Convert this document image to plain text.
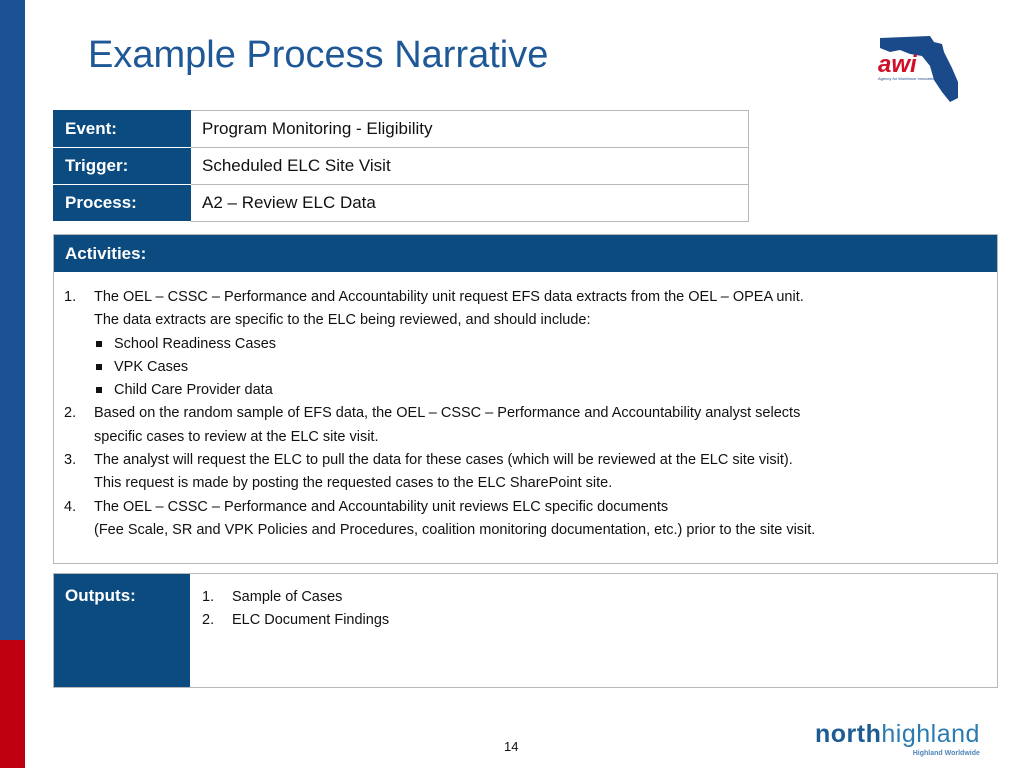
Example Process Narrative	awi
Agency for Workforce Innovation
Event:	Program Monitoring - Eligibility
Trigger:	Scheduled ELC Site Visit
Process:	A2 – Review ELC Data
Activities:
1.	The OEL – CSSC – Performance and Accountability unit request EFS data extracts from the OEL – OPEA unit.
The data extracts are specific to the ELC being reviewed, and should include:
School Readiness Cases
VPK Cases
Child Care Provider data
2.	Based on the random sample of EFS data, the OEL – CSSC – Performance and Accountability analyst selects
specific cases to review at the ELC site visit.
3.	The analyst will request the ELC to pull the data for these cases (which will be reviewed at the ELC site visit).
This request is made by posting the requested cases to the ELC SharePoint site.
4.	The OEL – CSSC – Performance and Accountability unit reviews ELC specific documents
(Fee Scale, SR and VPK Policies and Procedures, coalition monitoring documentation, etc.) prior to the site visit.
Outputs:	1.	Sample of Cases
2.	ELC Document Findings
14	northhighland
Highland Worldwide
